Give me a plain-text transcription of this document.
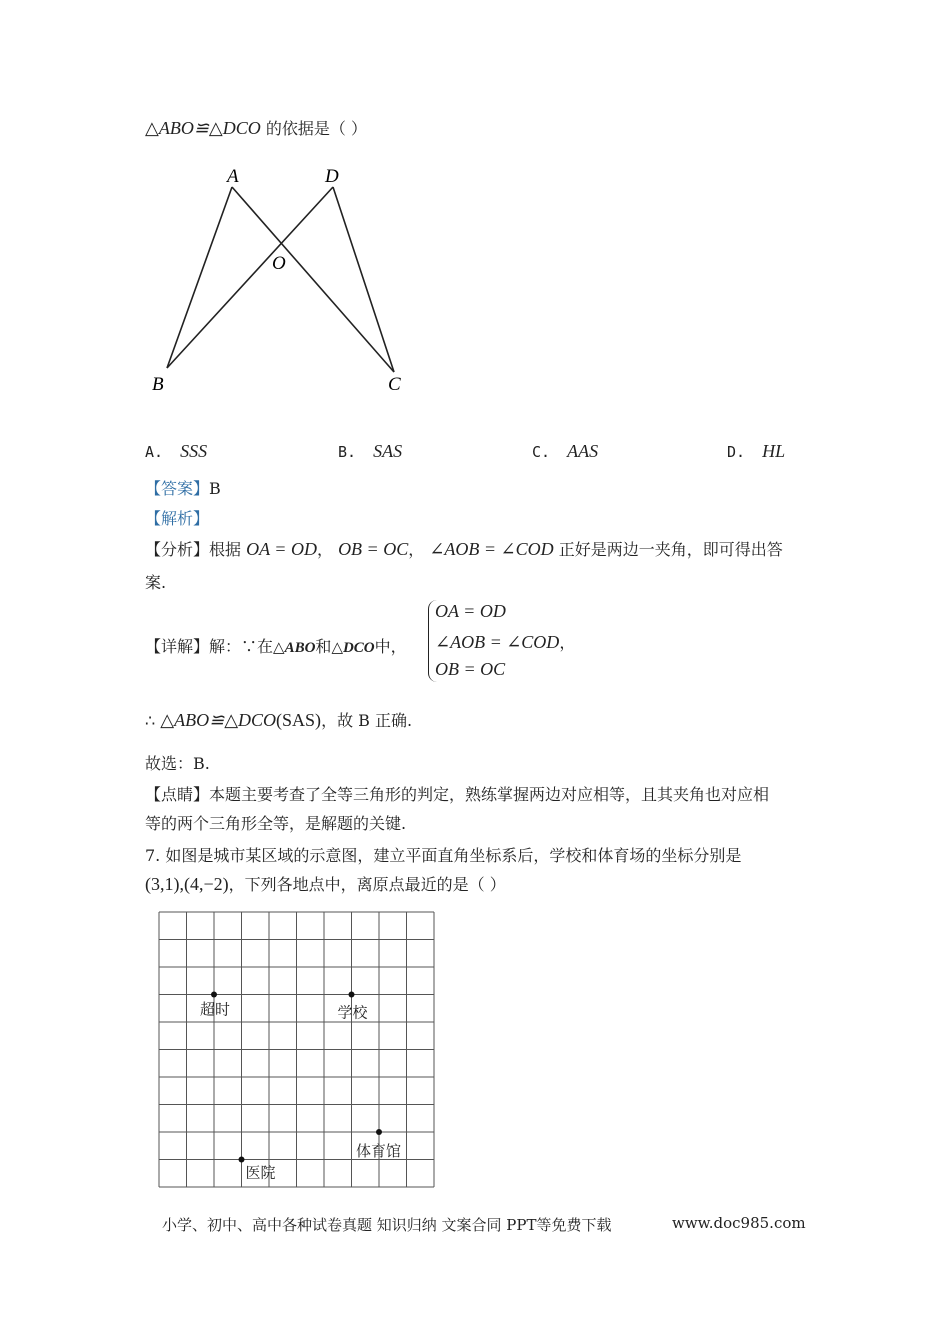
△ABO≌△DCO 的依据是（ ）
A	D
O
B	C
A. SSS	B. SAS	C. AAS	D. HL
【答案】B
【解析】
【分析】根据 OA = OD， OB = OC， ∠AOB = ∠COD 正好是两边一夹角，即可得出答
案.
【详解】解：∵在△ABO和△DCO中，
OA = OD
∠AOB = ∠COD，
OB = OC
∴ △ABO≌△DCO(SAS)，故 B 正确.
故选：B.
【点睛】本题主要考查了全等三角形的判定，熟练掌握两边对应相等，且其夹角也对应相
等的两个三角形全等，是解题的关键.
7. 如图是城市某区域的示意图，建立平面直角坐标系后，学校和体育场的坐标分别是
(3,1),(4,−2)，下列各地点中，离原点最近的是（ ）
超时	学校
体育馆
医院
小学、初中、高中各种试卷真题 知识归纳 文案合同 PPT等免费下载	www.doc985.com
